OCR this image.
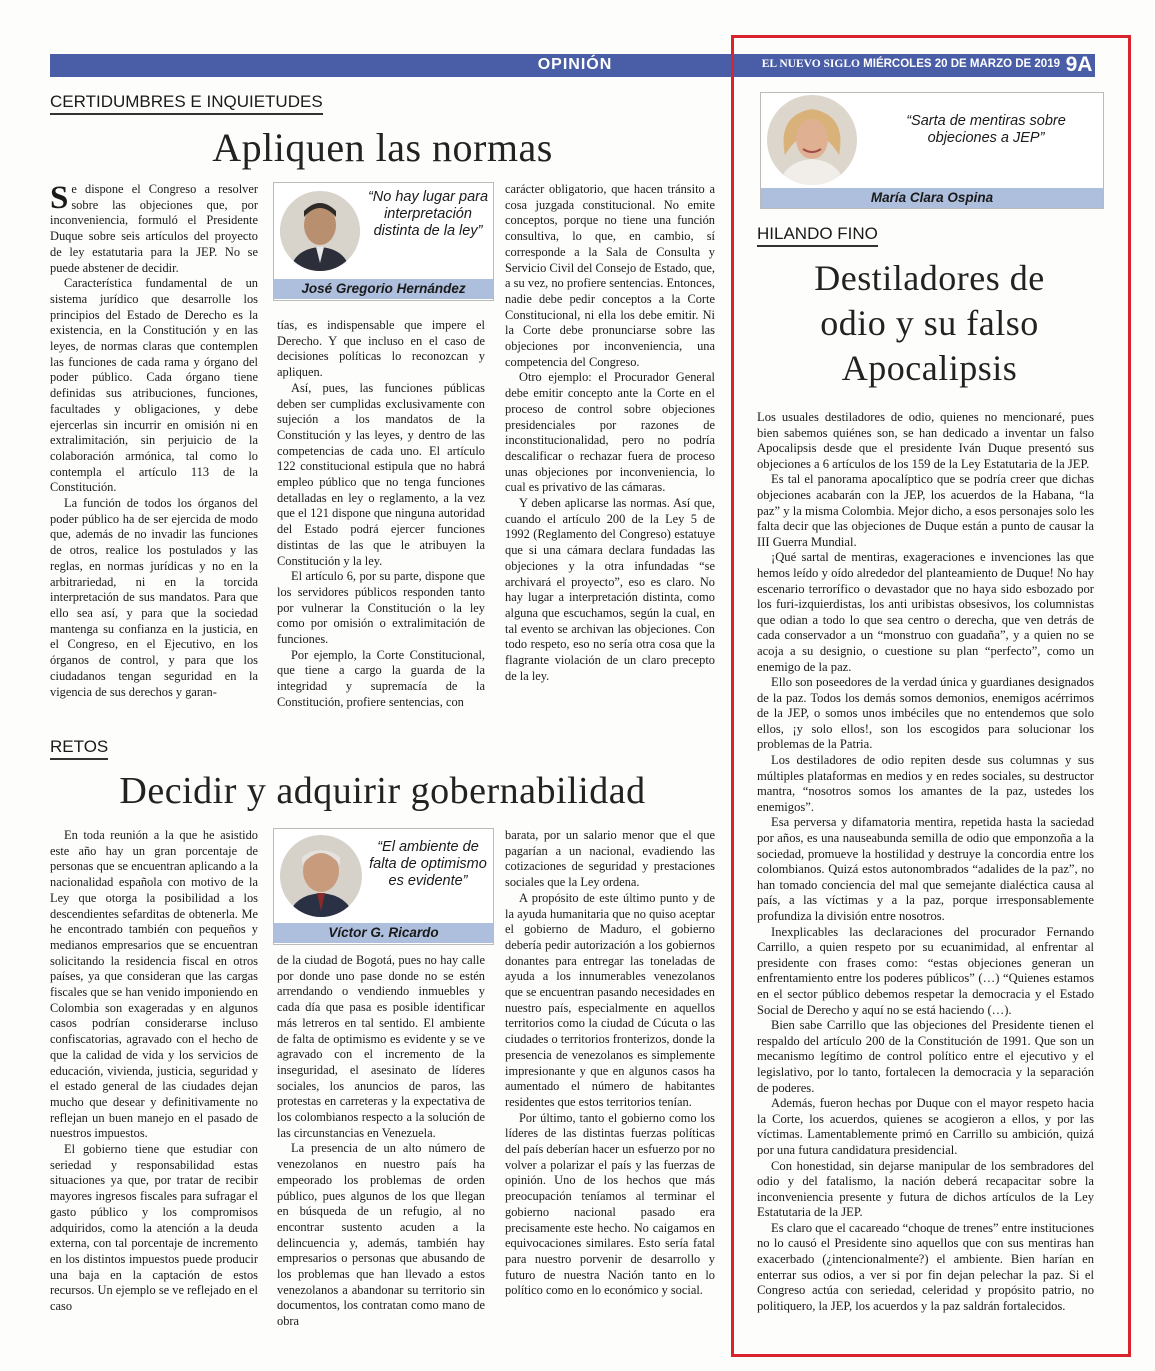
OPINIÓN	EL NUEVO SIGLO MIÉRCOLES 20 DE MARZO DE 2019 9A
CERTIDUMBRES E INQUIETUDES
Apliquen las normas

S e dispone el Congreso a resolver sobre las objeciones que, por inconveniencia, formuló el Presidente Duque sobre seis artículos del proyecto de ley estatutaria para la JEP. No se puede abstener de decidir.

Característica fundamental de un sistema jurídico que desarrolle los principios del Estado de Derecho es la existencia, en la Constitución y en las leyes, de normas claras que contemplen las funciones de cada rama y órgano del poder público. Cada órgano tiene definidas sus atribuciones, funciones, facultades y obligaciones, y debe ejercerlas sin incurrir en omisión ni en extralimitación, sin perjuicio de la colaboración armónica, tal como lo contempla el artículo 113 de la Constitución.

La función de todos los órganos del poder público ha de ser ejercida de modo que, además de no invadir las funciones de otros, realice los postulados y las reglas, en normas jurídicas y no en la arbitrariedad, ni en la torcida interpretación de sus mandatos. Para que ello sea así, y para que la sociedad mantenga su confianza en la justicia, en el Congreso, en el Ejecutivo, en los órganos de control, y para que los ciudadanos tengan seguridad en la vigencia de sus derechos y garan-

“No hay lugar para interpretación distinta de la ley”
José Gregorio Hernández

tías, es indispensable que impere el Derecho. Y que incluso en el caso de decisiones políticas lo reconozcan y apliquen.

Así, pues, las funciones públicas deben ser cumplidas exclusivamente con sujeción a los mandatos de la Constitución y las leyes, y dentro de las competencias de cada uno. El artículo 122 constitucional estipula que no habrá empleo público que no tenga funciones detalladas en ley o reglamento, a la vez que el 121 dispone que ninguna autoridad del Estado podrá ejercer funciones distintas de las que le atribuyen la Constitución y la ley.

El artículo 6, por su parte, dispone que los servidores públicos responden tanto por vulnerar la Constitución o la ley como por omisión o extralimitación de funciones.

Por ejemplo, la Corte Constitucional, que tiene a cargo la guarda de la integridad y supremacía de la Constitución, profiere sentencias, con

carácter obligatorio, que hacen tránsito a cosa juzgada constitucional. No emite conceptos, porque no tiene una función consultiva, lo que, en cambio, sí corresponde a la Sala de Consulta y Servicio Civil del Consejo de Estado, que, a su vez, no profiere sentencias. Entonces, nadie debe pedir conceptos a la Corte Constitucional, ni ella los debe emitir. Ni la Corte debe pronunciarse sobre las objeciones por inconveniencia, una competencia del Congreso.

Otro ejemplo: el Procurador General debe emitir concepto ante la Corte en el proceso de control sobre objeciones presidenciales por razones de inconstitucionalidad, pero no podría descalificar o rechazar fuera de proceso unas objeciones por inconveniencia, lo cual es privativo de las cámaras.

Y deben aplicarse las normas. Así que, cuando el artículo 200 de la Ley 5 de 1992 (Reglamento del Congreso) estatuye que si una cámara declara fundadas las objeciones y la otra infundadas “se archivará el proyecto”, eso es claro. No hay lugar a interpretación distinta, como alguna que escuchamos, según la cual, en tal evento se archivan las objeciones. Con todo respeto, eso no sería otra cosa que la flagrante violación de un claro precepto de la ley.

RETOS
Decidir y adquirir gobernabilidad

En toda reunión a la que he asistido este año hay un gran porcentaje de personas que se encuentran aplicando a la nacionalidad española con motivo de la Ley que otorga la posibilidad a los descendientes sefarditas de obtenerla. Me he encontrado también con pequeños y medianos empresarios que se encuentran solicitando la residencia fiscal en otros países, ya que consideran que las cargas fiscales que se han venido imponiendo en Colombia son exageradas y en algunos casos podrían considerarse incluso confiscatorias, agravado con el hecho de que la calidad de vida y los servicios de educación, vivienda, justicia, seguridad y el estado general de las ciudades dejan mucho que desear y definitivamente no reflejan un buen manejo en el pasado de nuestros impuestos.

El gobierno tiene que estudiar con seriedad y responsabilidad estas situaciones ya que, por tratar de recibir mayores ingresos fiscales para sufragar el gasto público y los compromisos adquiridos, como la atención a la deuda externa, con tal porcentaje de incremento en los distintos impuestos puede producir una baja en la captación de estos recursos. Un ejemplo se ve reflejado en el caso

“El ambiente de falta de optimismo es evidente”
Víctor G. Ricardo

de la ciudad de Bogotá, pues no hay calle por donde uno pase donde no se estén arrendando o vendiendo inmuebles y cada día que pasa es posible identificar más letreros en tal sentido. El ambiente de falta de optimismo es evidente y se ve agravado con el incremento de la inseguridad, el asesinato de líderes sociales, los anuncios de paros, las protestas en carreteras y la expectativa de los colombianos respecto a la solución de las circunstancias en Venezuela.

La presencia de un alto número de venezolanos en nuestro país ha empeorado los problemas de orden público, pues algunos de los que llegan en búsqueda de un refugio, al no encontrar sustento acuden a la delincuencia y, además, también hay empresarios o personas que abusando de los problemas que han llevado a estos venezolanos a abandonar su territorio sin documentos, los contratan como mano de obra

barata, por un salario menor que el que pagarían a un nacional, evadiendo las cotizaciones de seguridad y prestaciones sociales que la Ley ordena.

A propósito de este último punto y de la ayuda humanitaria que no quiso aceptar el gobierno de Maduro, el gobierno debería pedir autorización a los gobiernos donantes para entregar las toneladas de ayuda a los innumerables venezolanos que se encuentran pasando necesidades en nuestro país, especialmente en aquellos territorios como la ciudad de Cúcuta o las ciudades o territorios fronterizos, donde la presencia de venezolanos es simplemente impresionante y que en algunos casos ha aumentado el número de habitantes residentes que estos territorios tenían.

Por último, tanto el gobierno como los líderes de las distintas fuerzas políticas del país deberían hacer un esfuerzo por no volver a polarizar el país y las fuerzas de opinión. Uno de los hechos que más preocupación teníamos al terminar el gobierno nacional pasado era precisamente este hecho. No caigamos en equivocaciones similares. Esto sería fatal para nuestro porvenir de desarrollo y futuro de nuestra Nación tanto en lo político como en lo económico y social.

“Sarta de mentiras sobre objeciones a JEP”
María Clara Ospina
HILANDO FINO
Destiladores de
odio y su falso
Apocalipsis

Los usuales destiladores de odio, quienes no mencionaré, pues bien sabemos quiénes son, se han dedicado a inventar un falso Apocalipsis desde que el presidente Iván Duque presentó sus objeciones a 6 artículos de los 159 de la Ley Estatutaria de la JEP.

Es tal el panorama apocalíptico que se podría creer que dichas objeciones acabarán con la JEP, los acuerdos de la Habana, “la paz” y la misma Colombia. Mejor dicho, a esos personajes solo les falta decir que las objeciones de Duque están a punto de causar la III Guerra Mundial.

¡Qué sartal de mentiras, exageraciones e invenciones las que hemos leído y oído alrededor del planteamiento de Duque! No hay escenario terrorífico o devastador que no haya sido esbozado por los furi-izquierdistas, los anti uribistas obsesivos, los columnistas que odian a todo lo que sea centro o derecha, que ven detrás de cada conservador a un “monstruo con guadaña”, y a quien no se acoja a su designio, o cuestione su plan “perfecto”, como un enemigo de la paz.

Ello son poseedores de la verdad única y guardianes designados de la paz. Todos los demás somos demonios, enemigos acérrimos de la JEP, o somos unos imbéciles que no entendemos que solo ellos, ¡y solo ellos!, son los escogidos para solucionar los problemas de la Patria.

Los destiladores de odio repiten desde sus columnas y sus múltiples plataformas en medios y en redes sociales, su destructor mantra, “nosotros somos los amantes de la paz, ustedes los enemigos”.

Esa perversa y difamatoria mentira, repetida hasta la saciedad por años, es una nauseabunda semilla de odio que emponzoña a la sociedad, promueve la hostilidad y destruye la concordia entre los colombianos. Quizá estos autonombrados “adalides de la paz”, no han tomado conciencia del mal que semejante dialéctica causa al país, a las víctimas y a la paz, porque irresponsablemente profundiza la división entre nosotros.

Inexplicables las declaraciones del procurador Fernando Carrillo, a quien respeto por su ecuanimidad, al enfrentar al presidente con frases como: “estas objeciones generan un enfrentamiento entre los poderes públicos” (…) “Quienes estamos en el sector público debemos respetar la democracia y el Estado Social de Derecho y aquí no se está haciendo (…).

Bien sabe Carrillo que las objeciones del Presidente tienen el respaldo del artículo 200 de la Constitución de 1991. Que son un mecanismo legítimo de control político entre el ejecutivo y el legislativo, por lo tanto, fortalecen la democracia y la separación de poderes.

Además, fueron hechas por Duque con el mayor respeto hacia la Corte, los acuerdos, quienes se acogieron a ellos, y por las víctimas. Lamentablemente primó en Carrillo su ambición, quizá por una futura candidatura presidencial.

Con honestidad, sin dejarse manipular de los sembradores del odio y del fatalismo, la nación deberá recapacitar sobre la inconveniencia presente y futura de dichos artículos de la Ley Estatutaria de la JEP.

Es claro que el cacareado “choque de trenes” entre instituciones no lo causó el Presidente sino aquellos que con sus mentiras han exacerbado (¿intencionalmente?) el ambiente. Bien harían en enterrar sus odios, a ver si por fin dejan pelechar la paz. Si el Congreso actúa con seriedad, celeridad y propósito patrio, no politiquero, la JEP, los acuerdos y la paz saldrán fortalecidos.
